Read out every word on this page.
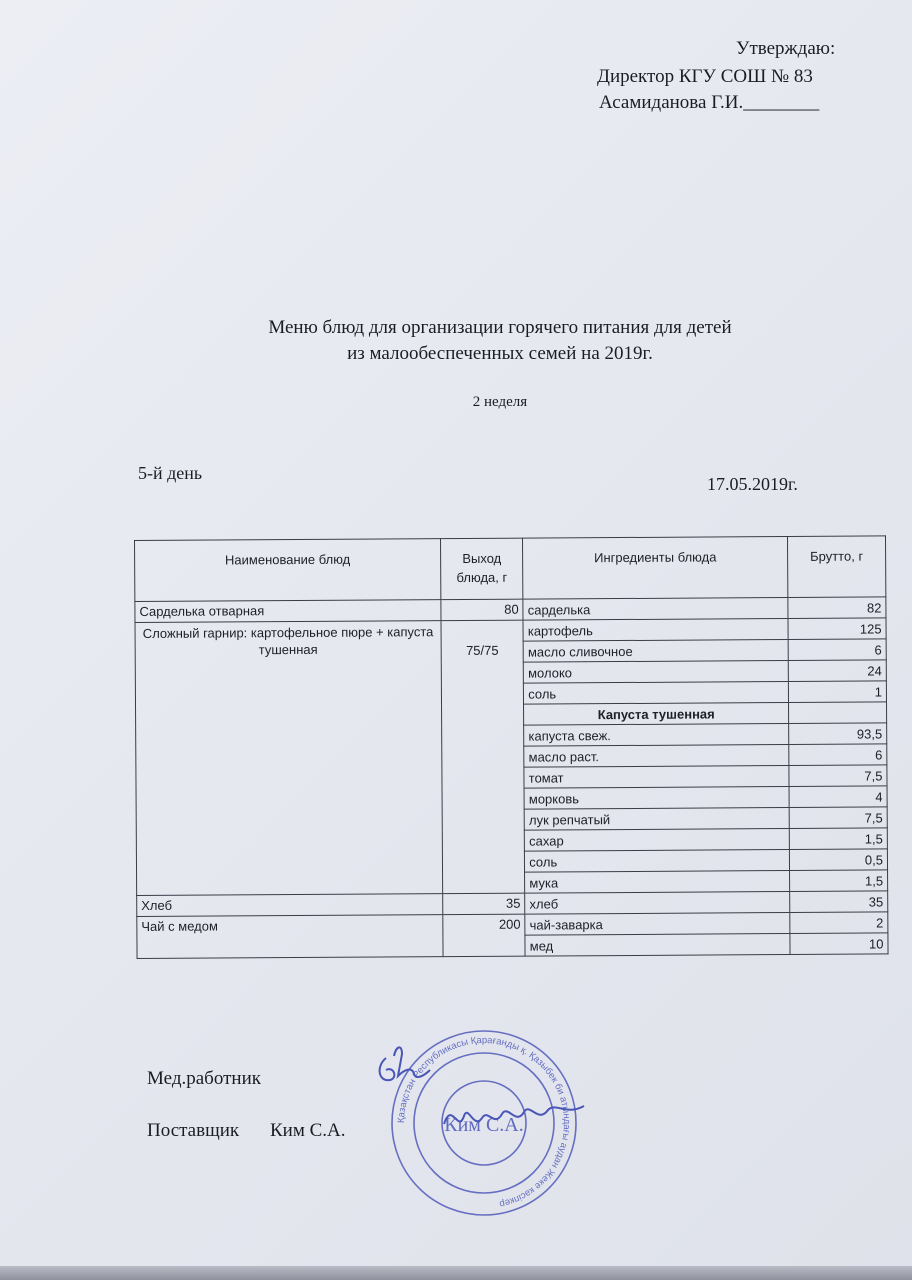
Утверждаю:
Директор КГУ СОШ № 83
Асамиданова Г.И.________
Меню блюд для организации горячего питания для детей
из малообеспеченных семей на 2019г.
2 неделя
5-й день
17.05.2019г.
Наименование блюд	Выход блюда, г	Ингредиенты блюда	Брутто, г
Сарделька отварная	80	сарделька	82
Сложный гарнир: картофельное пюре + капуста тушенная	75/75	картофель	125
		масло сливочное	6
		молоко	24
		соль	1
		Капуста тушенная	
		капуста свеж.	93,5
		масло раст.	6
		томат	7,5
		морковь	4
		лук репчатый	7,5
		сахар	1,5
		соль	0,5
		мука	1,5
Хлеб	35	хлеб	35
Чай с медом	200	чай-заварка	2
		мед	10
Мед.работник
Поставщик Ким С.А.	Қазақстан Республикасы Қарағанды қ. Қазыбек би атындағы аудан Жеке кәсіпкер
Ким С.А.
